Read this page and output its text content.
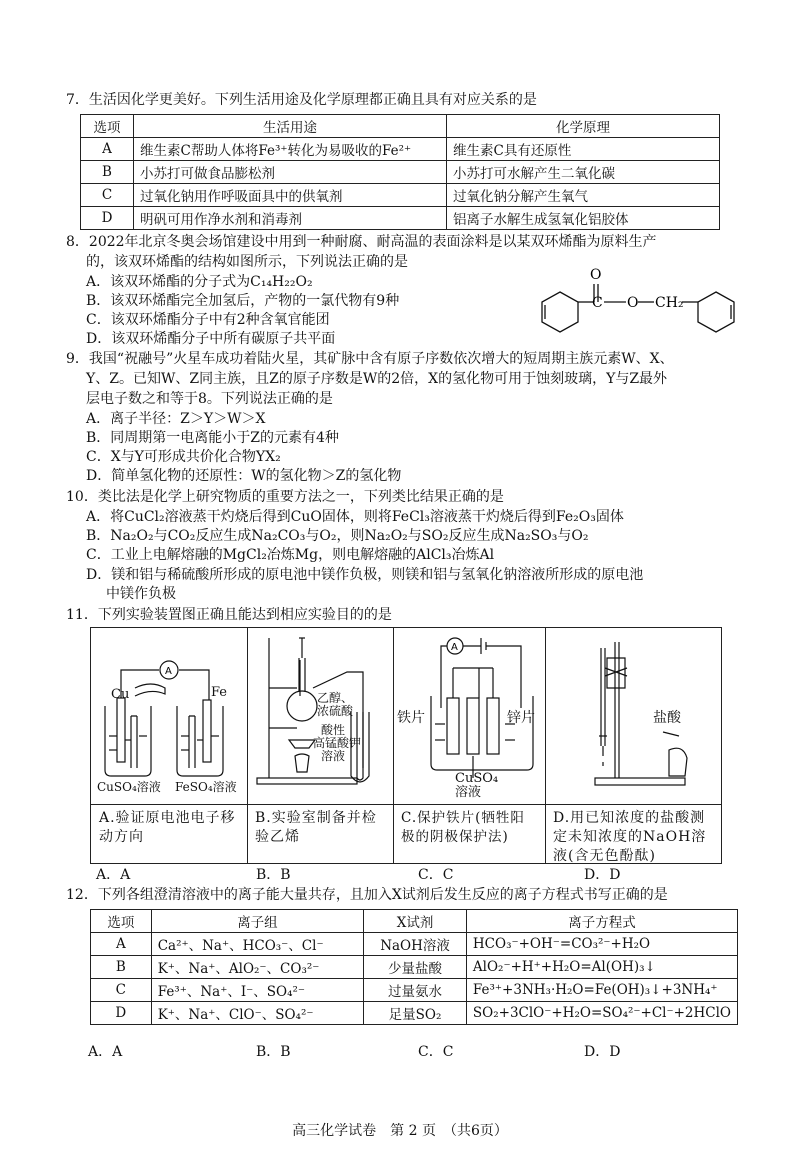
7．生活因化学更美好。下列生活用途及化学原理都正确且具有对应关系的是
选项	生活用途	化学原理
A	维生素C帮助人体将Fe³⁺转化为易吸收的Fe²⁺	维生素C具有还原性
B	小苏打可做食品膨松剂	小苏打可水解产生二氧化碳
C	过氧化钠用作呼吸面具中的供氧剂	过氧化钠分解产生氧气
D	明矾可用作净水剂和消毒剂	铝离子水解生成氢氧化铝胶体
8．2022年北京冬奥会场馆建设中用到一种耐腐、耐高温的表面涂料是以某双环烯酯为原料生产
的，该双环烯酯的结构如图所示，下列说法正确的是
A．该双环烯酯的分子式为C₁₄H₂₂O₂
B．该双环烯酯完全加氢后，产物的一氯代物有9种
C．该双环烯酯分子中有2种含氧官能团
D．该双环烯酯分子中所有碳原子共平面
O
C O CH₂
9．我国“祝融号”火星车成功着陆火星，其矿脉中含有原子序数依次增大的短周期主族元素W、X、
Y、Z。已知W、Z同主族，且Z的原子序数是W的2倍，X的氢化物可用于蚀刻玻璃，Y与Z最外
层电子数之和等于8。下列说法正确的是
A．离子半径：Z＞Y＞W＞X
B．同周期第一电离能小于Z的元素有4种
C．X与Y可形成共价化合物YX₂
D．简单氢化物的还原性：W的氢化物＞Z的氢化物
10．类比法是化学上研究物质的重要方法之一，下列类比结果正确的是
A．将CuCl₂溶液蒸干灼烧后得到CuO固体，则将FeCl₃溶液蒸干灼烧后得到Fe₂O₃固体
B．Na₂O₂与CO₂反应生成Na₂CO₃与O₂，则Na₂O₂与SO₂反应生成Na₂SO₃与O₂
C．工业上电解熔融的MgCl₂冶炼Mg，则电解熔融的AlCl₃冶炼Al
D．镁和铝与稀硫酸所形成的原电池中镁作负极，则镁和铝与氢氧化钠溶液所形成的原电池
中镁作负极
11．下列实验装置图正确且能达到相应实验目的的是
A
Cu	Fe
CuSO₄溶液 FeSO₄溶液
A.验证原电池电子移动方向
乙醇、
浓硫酸
酸性
高锰酸钾
溶液
B.实验室制备并检验乙烯
A
铁片	锌片
CuSO₄
溶液
C.保护铁片(牺牲阳极的阴极保护法)
盐酸
D.用已知浓度的盐酸测定未知浓度的NaOH溶液(含无色酚酞)
A．A	B．B	C．C	D．D
12．下列各组澄清溶液中的离子能大量共存，且加入X试剂后发生反应的离子方程式书写正确的是
选项	离子组	X试剂	离子方程式
A	Ca²⁺、Na⁺、HCO₃⁻、Cl⁻	NaOH溶液	HCO₃⁻+OH⁻=CO₃²⁻+H₂O
B	K⁺、Na⁺、AlO₂⁻、CO₃²⁻	少量盐酸	AlO₂⁻+H⁺+H₂O=Al(OH)₃↓
C	Fe³⁺、Na⁺、I⁻、SO₄²⁻	过量氨水	Fe³⁺+3NH₃·H₂O=Fe(OH)₃↓+3NH₄⁺
D	K⁺、Na⁺、ClO⁻、SO₄²⁻	足量SO₂	SO₂+3ClO⁻+H₂O=SO₄²⁻+Cl⁻+2HClO
A．A	B．B	C．C	D．D
高三化学试卷　第 2 页　（共6页）
